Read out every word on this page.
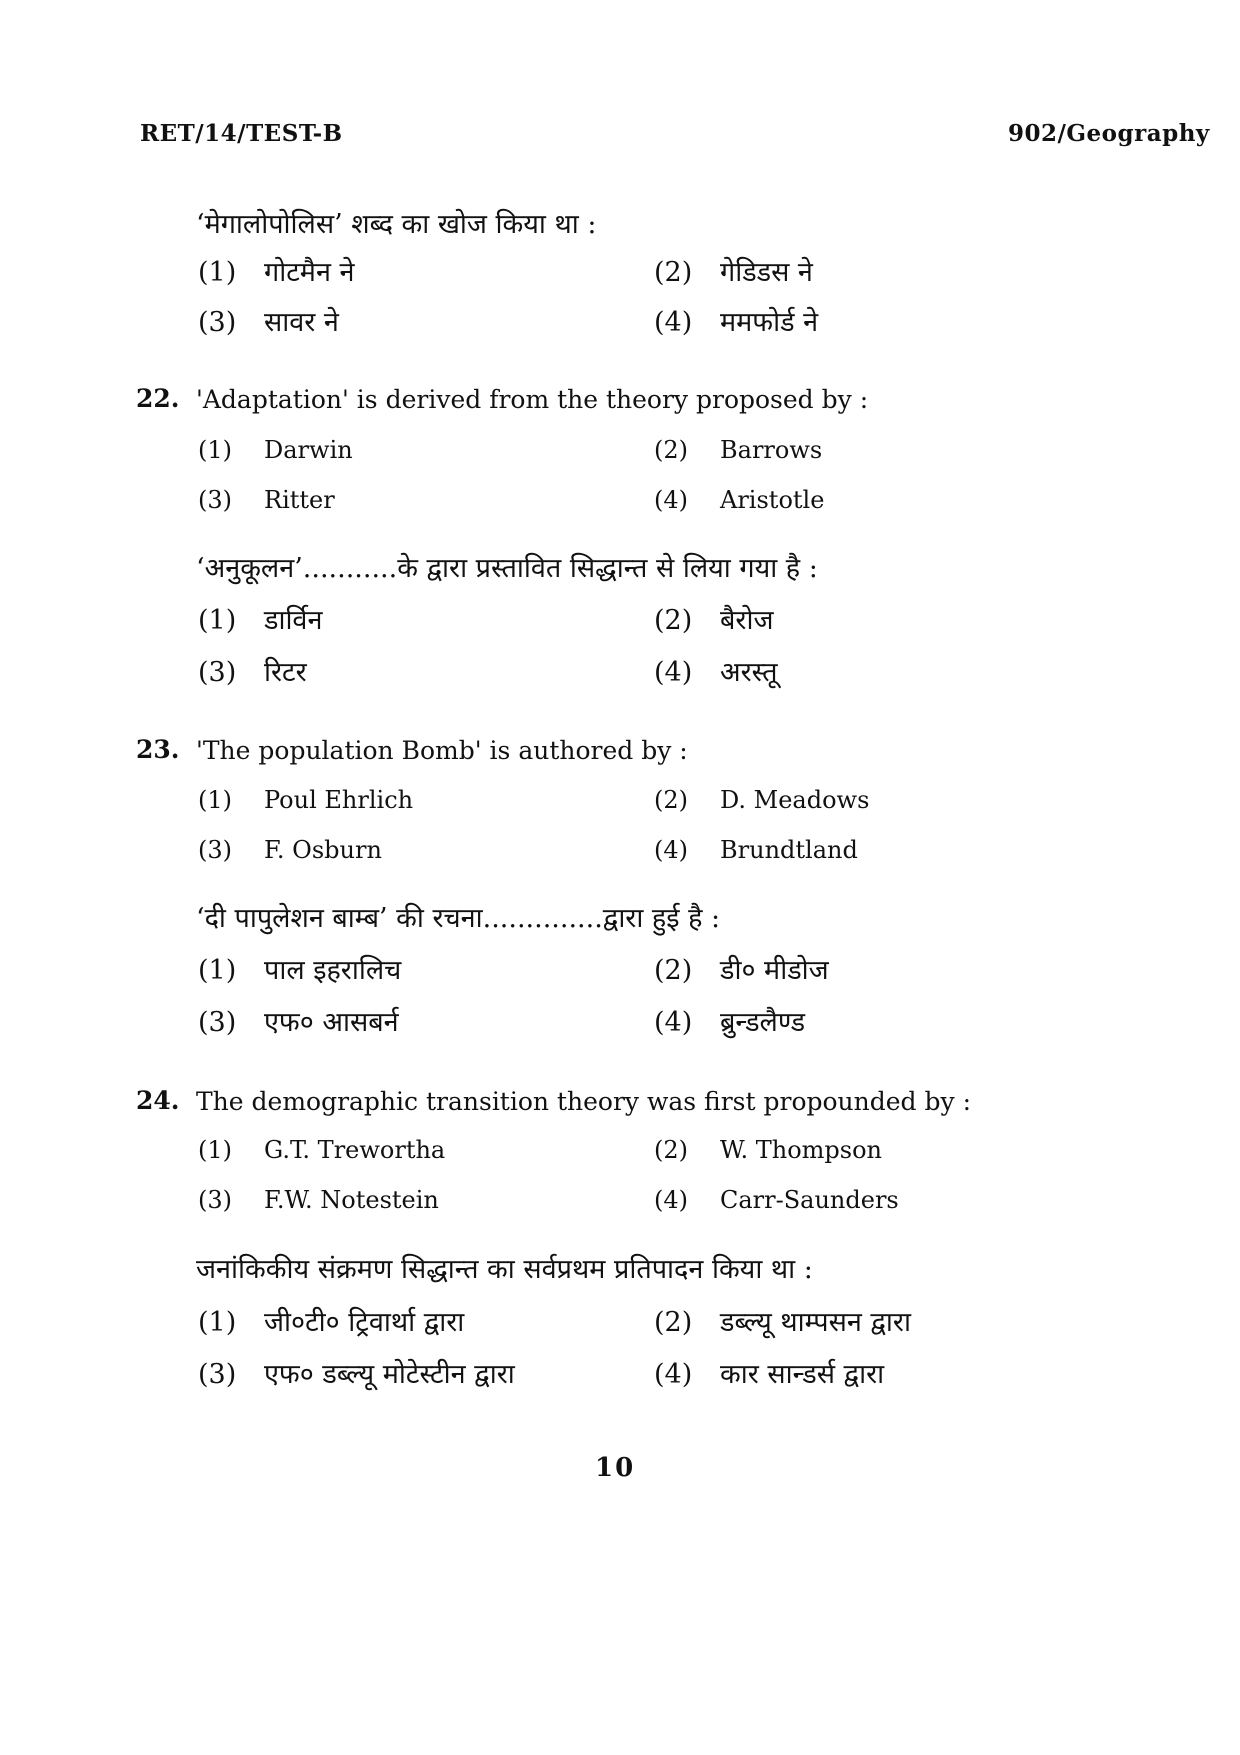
RET/14/TEST-B	902/Geography
‘मेगालोपोलिस’ शब्द का खोज किया था :
(1) गोटमैन ने	(2) गेडिडस ने
(3) सावर ने	(4) ममफोर्ड ने
22. 'Adaptation' is derived from the theory proposed by :
(1) Darwin	(2) Barrows
(3) Ritter	(4) Aristotle
‘अनुकूलन’...........के द्वारा प्रस्तावित सिद्धान्त से लिया गया है :
(1) डार्विन	(2) बैरोज
(3) रिटर	(4) अरस्तू
23. 'The population Bomb' is authored by :
(1) Poul Ehrlich	(2) D. Meadows
(3) F. Osburn	(4) Brundtland
‘दी पापुलेशन बाम्ब’ की रचना..............द्वारा हुई है :
(1) पाल इहरालिच	(2) डी० मीडोज
(3) एफ० आसबर्न	(4) ब्रुन्डलैण्ड
24. The demographic transition theory was first propounded by :
(1) G.T. Trewortha	(2) W. Thompson
(3) F.W. Notestein	(4) Carr-Saunders
जनांकिकीय संक्रमण सिद्धान्त का सर्वप्रथम प्रतिपादन किया था :
(1) जी०टी० ट्रिवार्था द्वारा	(2) डब्ल्यू थाम्पसन द्वारा
(3) एफ० डब्ल्यू मोटेस्टीन द्वारा	(4) कार सान्डर्स द्वारा
10
